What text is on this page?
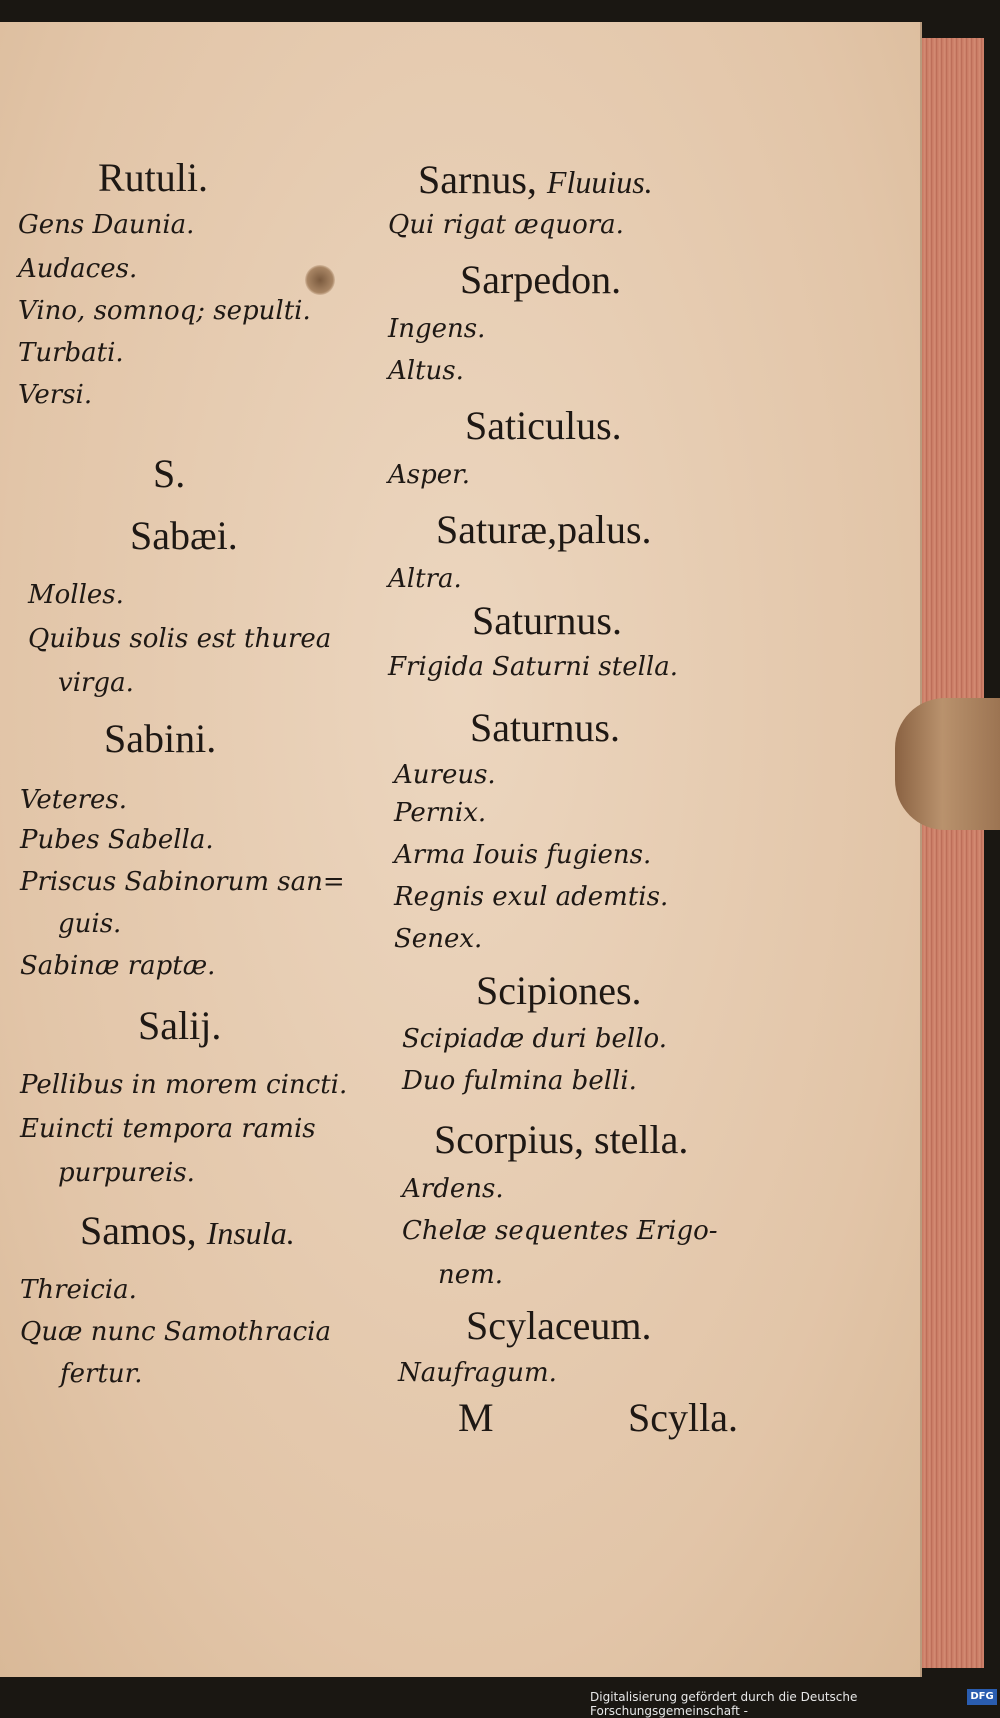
Rutuli.
Gens Daunia.
Audaces.
Vino, somnoq; sepulti.
Turbati.
Versi.
S.
Sabæi.
Molles.
Quibus solis est thurea
virga.
Sabini.
Veteres.
Pubes Sabella.
Priscus Sabinorum san=
guis.
Sabinæ raptæ.
Salij.
Pellibus in morem cincti.
Euincti tempora ramis
purpureis.
Samos, Insula.
Threicia.
Quæ nunc Samothracia
fertur.
Sarnus, Fluuius.
Qui rigat æquora.
Sarpedon.
Ingens.
Altus.
Saticulus.
Asper.
Saturæ,palus.
Altra.
Saturnus.
Frigida Saturni stella.
Saturnus.
Aureus.
Pernix.
Arma Iouis fugiens.
Regnis exul ademtis.
Senex.
Scipiones.
Scipiadæ duri bello.
Duo fulmina belli.
Scorpius, stella.
Ardens.
Chelæ sequentes Erigo-
nem.
Scylaceum.
Naufragum.
M	Scylla.
Digitalisierung gefördert durch die Deutsche Forschungsgemeinschaft -
DFG
